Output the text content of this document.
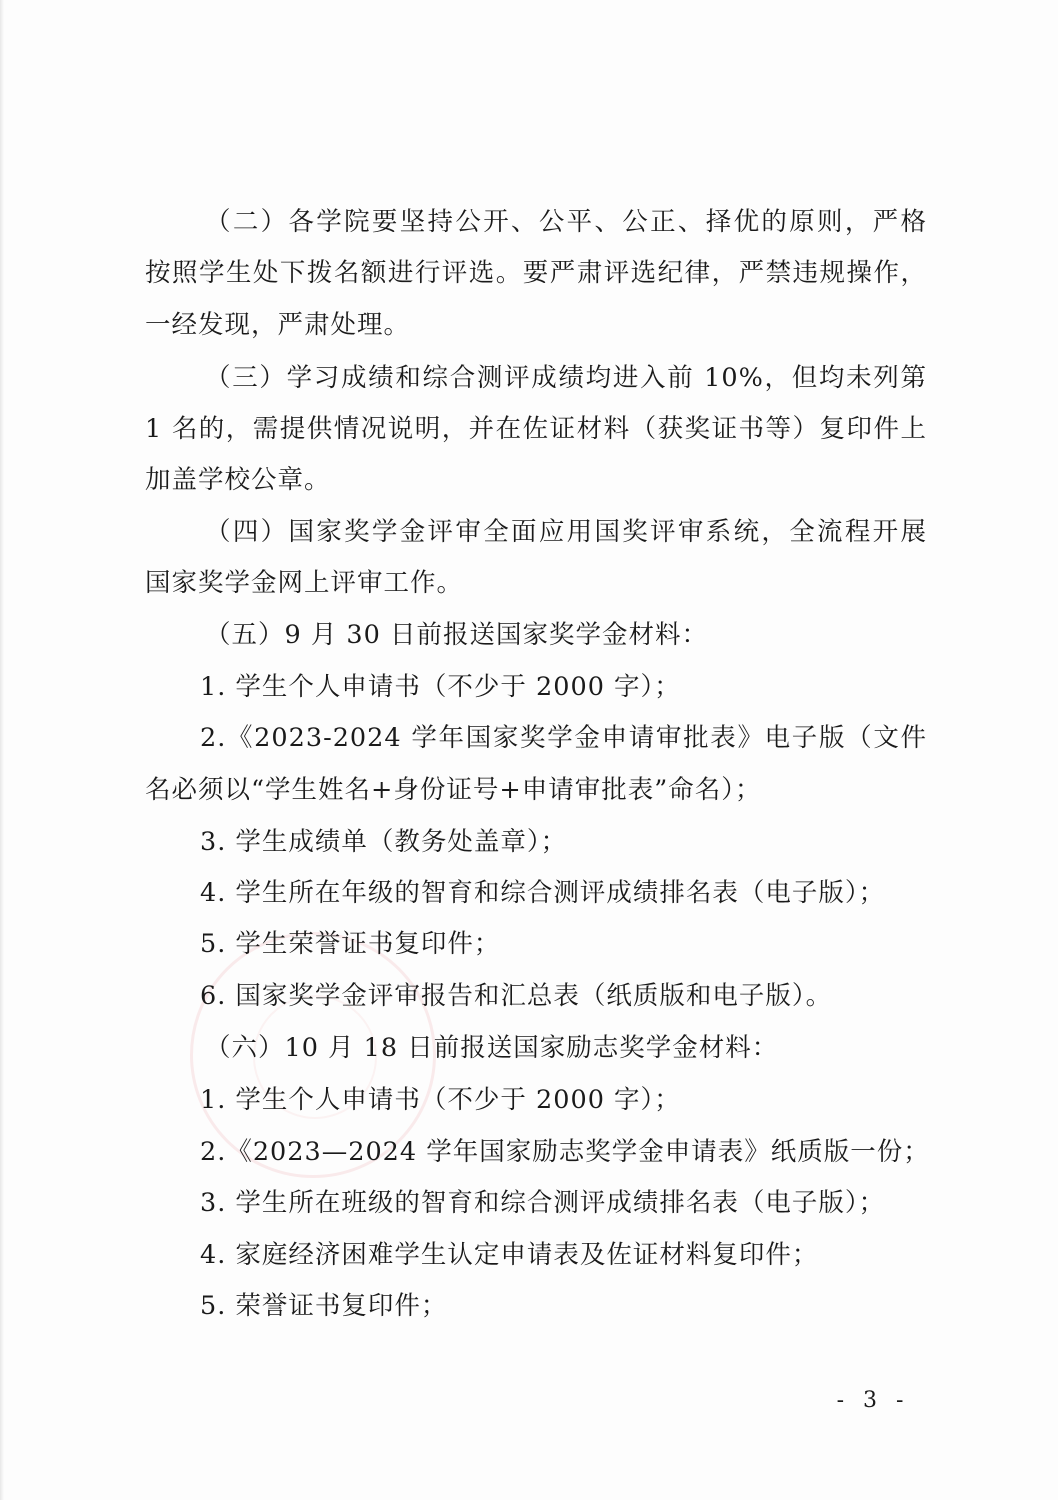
（二）各学院要坚持公开、公平、公正、择优的原则，严格
按照学生处下拨名额进行评选。要严肃评选纪律，严禁违规操作，
一经发现，严肃处理。
（三）学习成绩和综合测评成绩均进入前 10%，但均未列第
1 名的，需提供情况说明，并在佐证材料（获奖证书等）复印件上
加盖学校公章。
（四）国家奖学金评审全面应用国奖评审系统，全流程开展
国家奖学金网上评审工作。
（五）9 月 30 日前报送国家奖学金材料：
1. 学生个人申请书（不少于 2000 字）；
2.《2023-2024 学年国家奖学金申请审批表》电子版（文件
名必须以“学生姓名+身份证号+申请审批表”命名）；
3. 学生成绩单（教务处盖章）；
4. 学生所在年级的智育和综合测评成绩排名表（电子版）；
5. 学生荣誉证书复印件；
6. 国家奖学金评审报告和汇总表（纸质版和电子版）。
（六）10 月 18 日前报送国家励志奖学金材料：
1. 学生个人申请书（不少于 2000 字）；
2.《2023—2024 学年国家励志奖学金申请表》纸质版一份；
3. 学生所在班级的智育和综合测评成绩排名表（电子版）；
4. 家庭经济困难学生认定申请表及佐证材料复印件；
5. 荣誉证书复印件；
- 3 -
